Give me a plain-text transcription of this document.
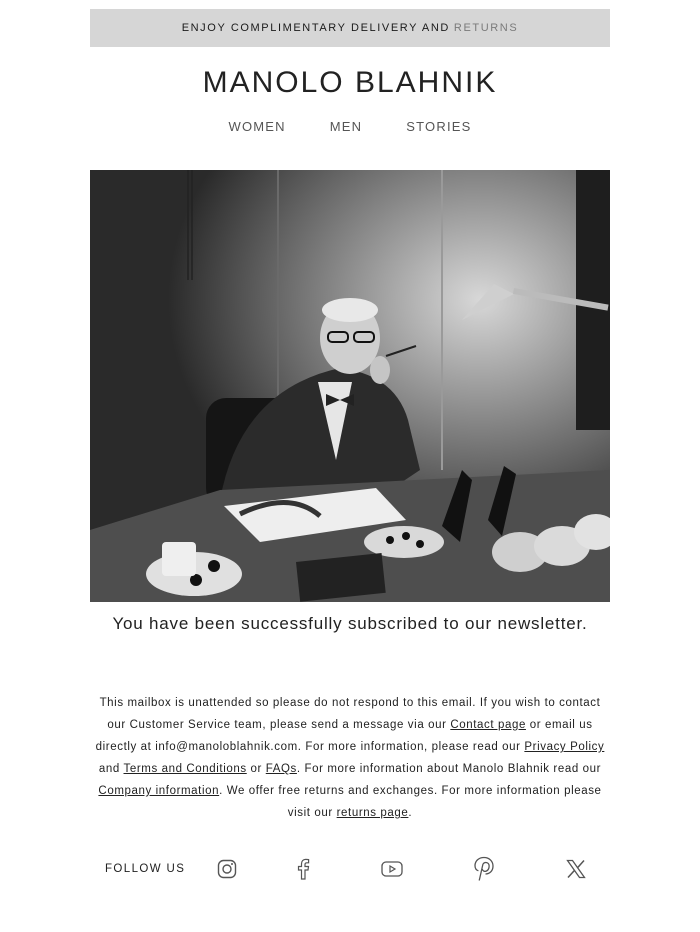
ENJOY COMPLIMENTARY DELIVERY AND RETURNS
MANOLO BLAHNIK
WOMEN	MEN	STORIES
You have been successfully subscribed to our newsletter.
This mailbox is unattended so please do not respond to this email. If you wish to contact our Customer Service team, please send a message via our Contact page or email us directly at info@manoloblahnik.com. For more information, please read our Privacy Policy and Terms and Conditions or FAQs. For more information about Manolo Blahnik read our Company information. We offer free returns and exchanges. For more information please visit our returns page.
FOLLOW US
